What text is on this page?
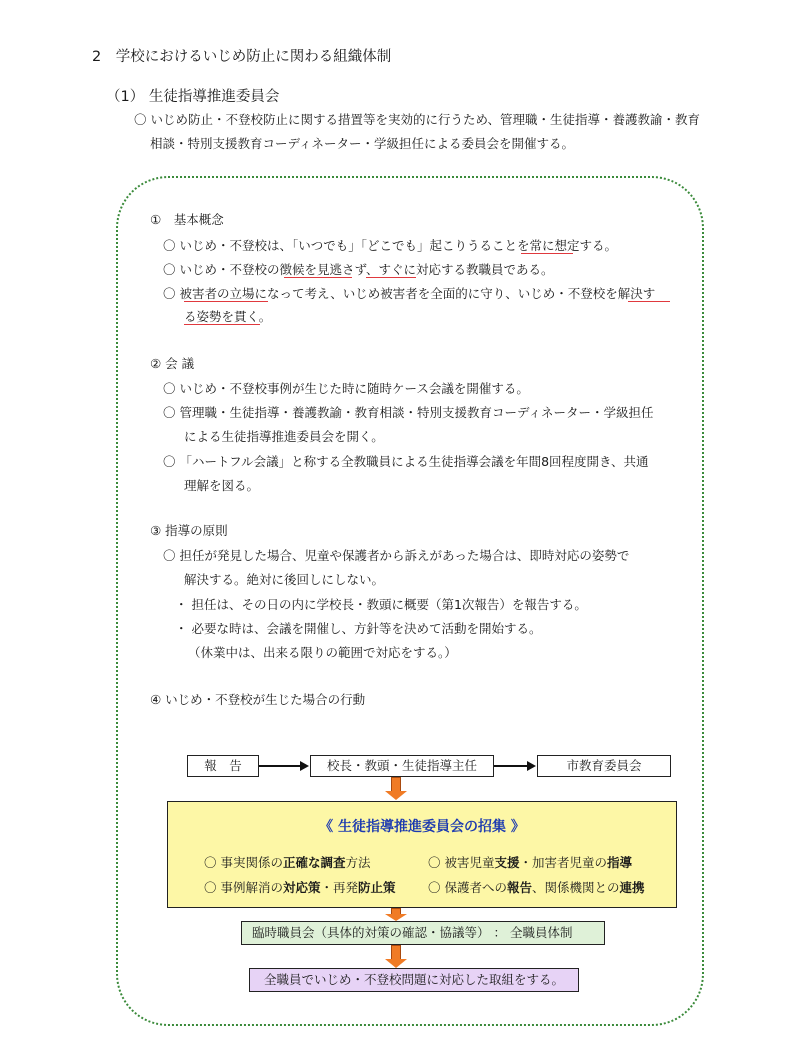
2　学校におけるいじめ防止に関わる組織体制
（1） 生徒指導推進委員会
〇 いじめ防止・不登校防止に関する措置等を実効的に行うため、管理職・生徒指導・養護教諭・教育
相談・特別支援教育コーディネーター・学級担任による委員会を開催する。
①　基本概念
〇 いじめ・不登校は、「いつでも」「どこでも」起こりうることを常に想定する。
〇 いじめ・不登校の徴候を見逃さず、すぐに対応する教職員である。
〇 被害者の立場になって考え、いじめ被害者を全面的に守り、いじめ・不登校を解決す
る姿勢を貫く。
② 会 議
〇 いじめ・不登校事例が生じた時に随時ケース会議を開催する。
〇 管理職・生徒指導・養護教諭・教育相談・特別支援教育コーディネーター・学級担任
による生徒指導推進委員会を開く。
〇 「ハートフル会議」と称する全教職員による生徒指導会議を年間8回程度開き、共通
理解を図る。
③ 指導の原則
〇 担任が発見した場合、児童や保護者から訴えがあった場合は、即時対応の姿勢で
解決する。絶対に後回しにしない。
・ 担任は、その日の内に学校長・教頭に概要（第1次報告）を報告する。
・ 必要な時は、会議を開催し、方針等を決めて活動を開始する。
（休業中は、出来る限りの範囲で対応をする。）
④ いじめ・不登校が生じた場合の行動
報　告	校長・教頭・生徒指導主任	市教育委員会
《 生徒指導推進委員会の招集 》
〇 事実関係の正確な調査方法	〇 被害児童支援・加害者児童の指導
〇 事例解消の対応策・再発防止策	〇 保護者への報告、関係機関との連携
臨時職員会（具体的対策の確認・協議等） ： 全職員体制
全職員でいじめ・不登校問題に対応した取組をする。
